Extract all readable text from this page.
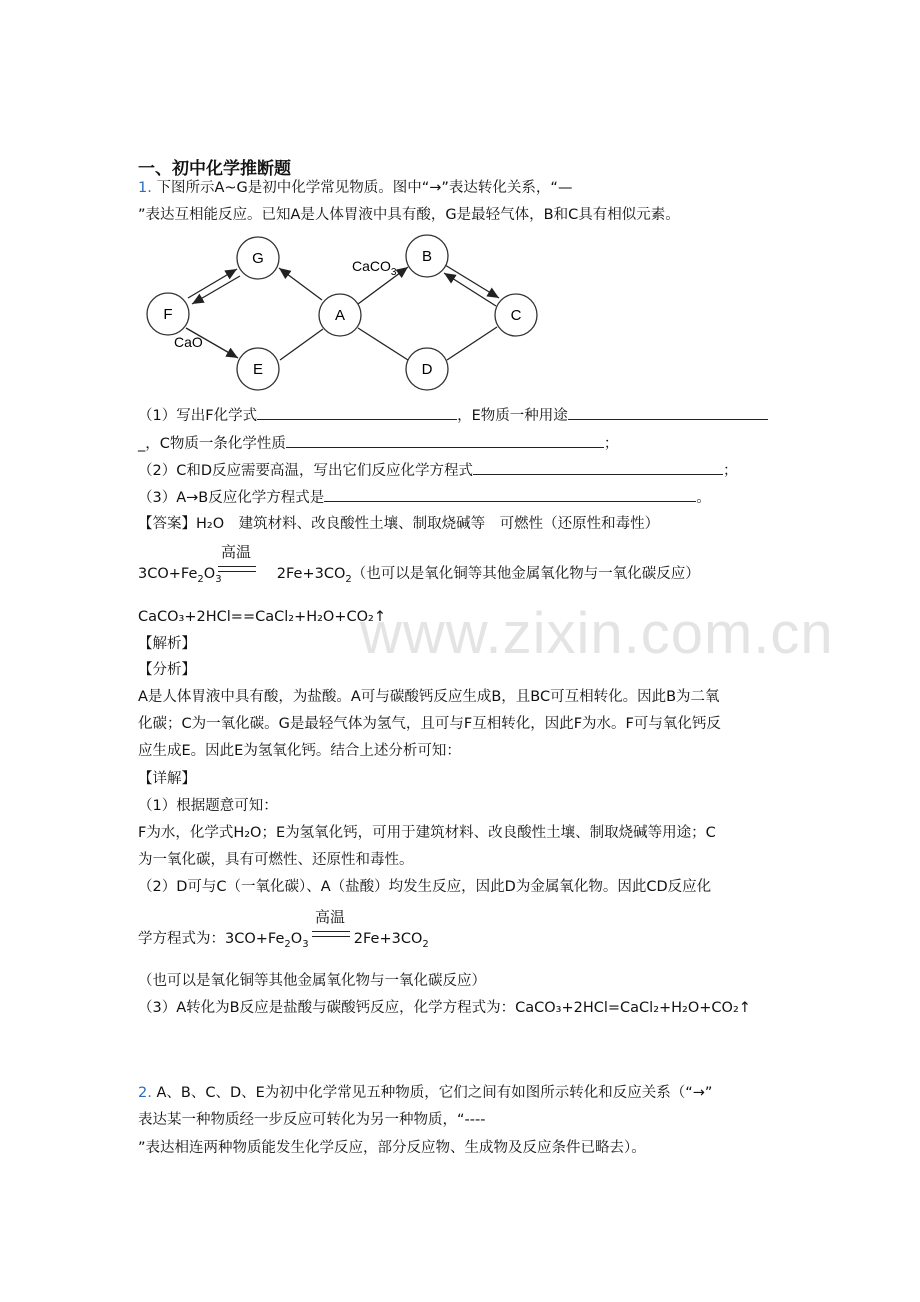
www.zixin.com.cn
一、初中化学推断题
1. 下图所示A~G是初中化学常见物质。图中“→”表达转化关系，“—
”表达互相能反应。已知A是人体胃液中具有酸，G是最轻气体，B和C具有相似元素。
G
F
E
A
B
C
D
CaCO$_3$
CaO
（1）写出F化学式	，E物质一种用途
_，C物质一条化学性质	；
（2）C和D反应需要高温，写出它们反应化学方程式	；
（3）A→B反应化学方程式是	。
【答案】H₂O　建筑材料、改良酸性土壤、制取烧碱等　可燃性（还原性和毒性）
高温
$3CO+Fe_2O_3$	$2Fe+3CO_2$（也可以是氧化铜等其他金属氧化物与一氧化碳反应）
CaCO₃+2HCl==CaCl₂+H₂O+CO₂↑
【解析】
【分析】
A是人体胃液中具有酸，为盐酸。A可与碳酸钙反应生成B，且BC可互相转化。因此B为二氧
化碳；C为一氧化碳。G是最轻气体为氢气，且可与F互相转化，因此F为水。F可与氧化钙反
应生成E。因此E为氢氧化钙。结合上述分析可知：
【详解】
（1）根据题意可知：
F为水，化学式H₂O；E为氢氧化钙，可用于建筑材料、改良酸性土壤、制取烧碱等用途；C
为一氧化碳，具有可燃性、还原性和毒性。
（2）D可与C（一氧化碳）、A（盐酸）均发生反应，因此D为金属氧化物。因此CD反应化
高温
学方程式为：$3CO+Fe_2O_3$	$2Fe+3CO_2$
（也可以是氧化铜等其他金属氧化物与一氧化碳反应）
（3）A转化为B反应是盐酸与碳酸钙反应，化学方程式为：CaCO₃+2HCl=CaCl₂+H₂O+CO₂↑
2. A、B、C、D、E为初中化学常见五种物质，它们之间有如图所示转化和反应关系（“→”
表达某一种物质经一步反应可转化为另一种物质，“----
”表达相连两种物质能发生化学反应，部分反应物、生成物及反应条件已略去）。
